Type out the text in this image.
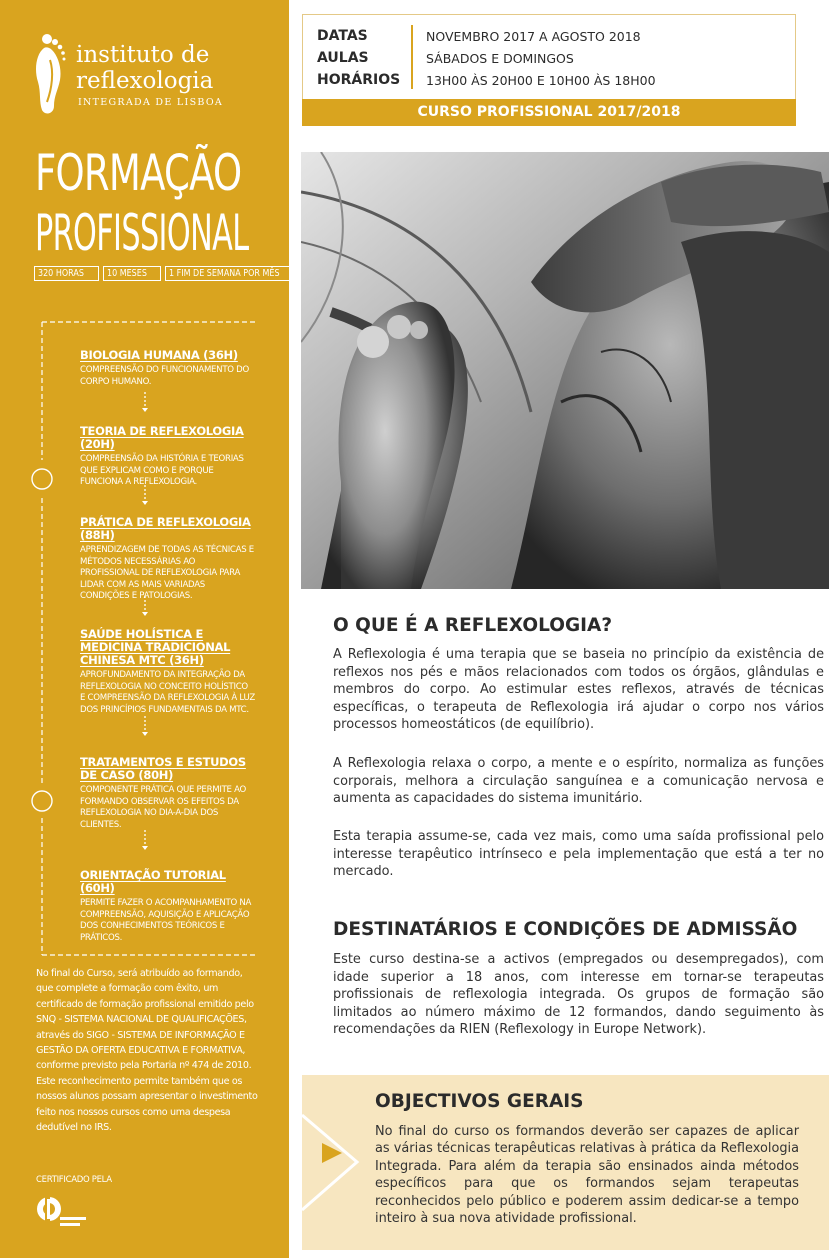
instituto de
reflexologia
INTEGRADA DE LISBOA
FORMAÇÃO
PROFISSIONAL
320 HORAS	10 MESES	1 FIM DE SEMANA POR MÊS
BIOLOGIA HUMANA (36H)
COMPREENSÃO DO FUNCIONAMENTO DO CORPO HUMANO.
TEORIA DE REFLEXOLOGIA (20H)
COMPREENSÃO DA HISTÓRIA E TEORIAS QUE EXPLICAM COMO E PORQUE FUNCIONA A REFLEXOLOGIA.
PRÁTICA DE REFLEXOLOGIA (88H)
APRENDIZAGEM DE TODAS AS TÉCNICAS E MÉTODOS NECESSÁRIAS AO PROFISSIONAL DE REFLEXOLOGIA PARA LIDAR COM AS MAIS VARIADAS CONDIÇÕES E PATOLOGIAS.
SAÚDE HOLÍSTICA E MEDICINA TRADICIONAL CHINESA MTC (36H)
APROFUNDAMENTO DA INTEGRAÇÃO DA REFLEXOLOGIA NO CONCEITO HOLÍSTICO E COMPREENSÃO DA REFLEXOLOGIA À LUZ DOS PRINCÍPIOS FUNDAMENTAIS DA MTC.
TRATAMENTOS E ESTUDOS DE CASO (80H)
COMPONENTE PRÁTICA QUE PERMITE AO FORMANDO OBSERVAR OS EFEITOS DA REFLEXOLOGIA NO DIA-A-DIA DOS CLIENTES.
ORIENTAÇÃO TUTORIAL (60H)
PERMITE FAZER O ACOMPANHAMENTO NA COMPREENSÃO, AQUISIÇÃO E APLICAÇÃO DOS CONHECIMENTOS TEÓRICOS E PRÁTICOS.
No final do Curso, será atribuído ao formando, que complete a formação com êxito, um certificado de formação profissional emitido pelo SNQ - SISTEMA NACIONAL DE QUALIFICAÇÕES, através do SIGO - SISTEMA DE INFORMAÇÃO E GESTÃO DA OFERTA EDUCATIVA E FORMATIVA, conforme previsto pela Portaria nº 474 de 2010. Este reconhecimento permite também que os nossos alunos possam apresentar o investimento feito nos nossos cursos como uma despesa dedutível no IRS.
CERTIFICADO PELA
DATAS
AULAS
HORÁRIOS
NOVEMBRO 2017 A AGOSTO 2018
SÁBADOS E DOMINGOS
13H00 ÀS 20H00 E 10H00 ÀS 18H00
CURSO PROFISSIONAL 2017/2018
O QUE É A REFLEXOLOGIA?
A Reflexologia é uma terapia que se baseia no princípio da existência de reflexos nos pés e mãos relacionados com todos os órgãos, glândulas e membros do corpo. Ao estimular estes reflexos, através de técnicas específicas, o terapeuta de Reflexologia irá ajudar o corpo nos vários processos homeostáticos (de equilíbrio).
A Reflexologia relaxa o corpo, a mente e o espírito, normaliza as funções corporais, melhora a circulação sanguínea e a comunicação nervosa e aumenta as capacidades do sistema imunitário.
Esta terapia assume-se, cada vez mais, como uma saída profissional pelo interesse terapêutico intrínseco e pela implementação que está a ter no mercado.
DESTINATÁRIOS E CONDIÇÕES DE ADMISSÃO
Este curso destina-se a activos (empregados ou desempregados), com idade superior a 18 anos, com interesse em tornar-se terapeutas profissionais de reflexologia integrada. Os grupos de formação são limitados ao número máximo de 12 formandos, dando seguimento às recomendações da RIEN (Reflexology in Europe Network).
OBJECTIVOS GERAIS
No final do curso os formandos deverão ser capazes de aplicar as várias técnicas terapêuticas relativas à prática da Reflexologia Integrada. Para além da terapia são ensinados ainda métodos específicos para que os formandos sejam terapeutas reconhecidos pelo público e poderem assim dedicar-se a tempo inteiro à sua nova atividade profissional.
